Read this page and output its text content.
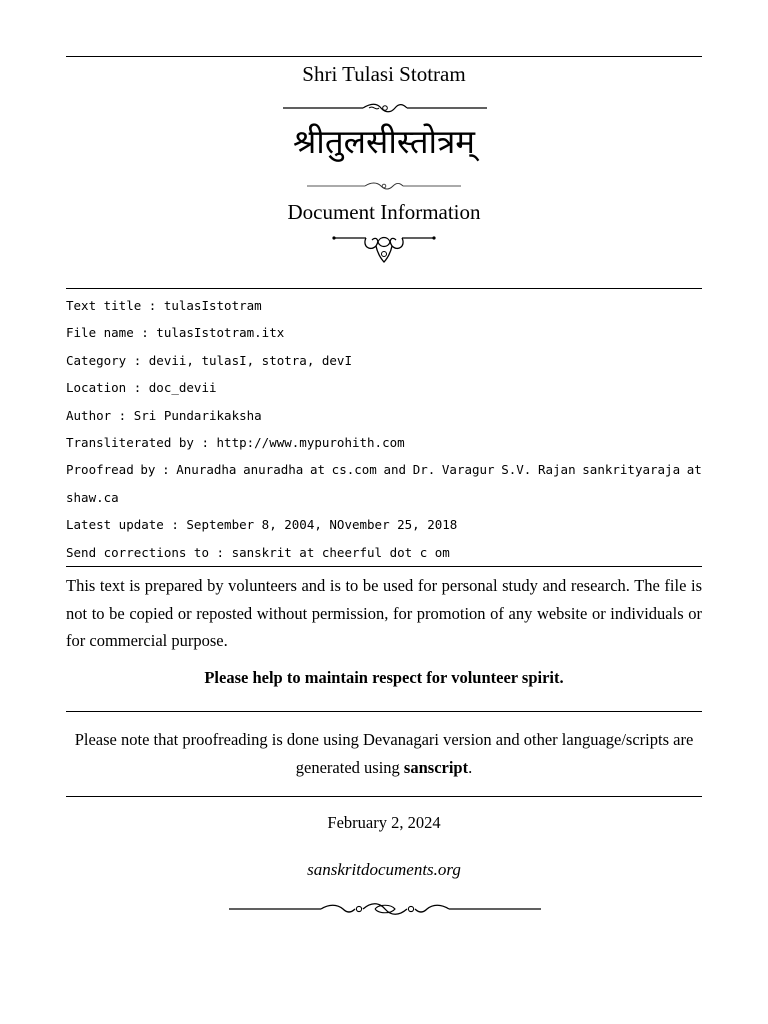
Shri Tulasi Stotram
श्रीतुलसीस्तोत्रम्
Document Information
Text title : tulasIstotram
File name : tulasIstotram.itx
Category : devii, tulasI, stotra, devI
Location : doc_devii
Author : Sri Pundarikaksha
Transliterated by : http://www.mypurohith.com
Proofread by : Anuradha anuradha at cs.com and Dr. Varagur S.V. Rajan sankrityaraja at
shaw.ca
Latest update : September 8, 2004, NOvember 25, 2018
Send corrections to : sanskrit at cheerful dot c om
This text is prepared by volunteers and is to be used for personal study and research. The file is not to be copied or reposted without permission, for promotion of any website or individuals or for commercial purpose.
Please help to maintain respect for volunteer spirit.
Please note that proofreading is done using Devanagari version and other language/scripts are generated using sanscript.
February 2, 2024
sanskritdocuments.org
